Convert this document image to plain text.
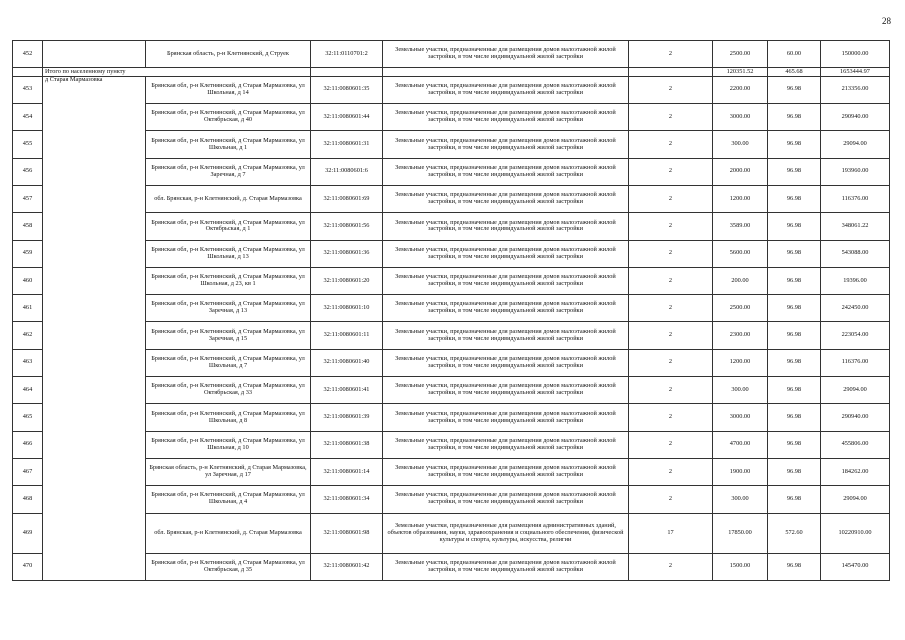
28
452		Брянская область, р-н Клетнянский, д Струек	32:11:0110701:2	Земельные участки, предназначенные для размещения домов малоэтажной жилой застройки, в том числе индивидуальной жилой застройки	2	2500.00	60.00	150000.00
	Итого по населенному пункту					120351.52	465.68	1653444.97
453	д Старая Мармазовка	Брянская обл, р-н Клетнянский, д Старая Мармазовка, ул Школьная, д 14	32:11:0080601:35	Земельные участки, предназначенные для размещения домов малоэтажной жилой застройки, в том числе индивидуальной жилой застройки	2	2200.00	96.98	213356.00
454		Брянская обл, р-н Клетнянский, д Старая Мармазовка, ул Октябрьская, д 40	32:11:0080601:44	Земельные участки, предназначенные для размещения домов малоэтажной жилой застройки, в том числе индивидуальной жилой застройки	2	3000.00	96.98	290940.00
455		Брянская обл, р-н Клетнянский, д Старая Мармазовка, ул Школьная, д 1	32:11:0080601:31	Земельные участки, предназначенные для размещения домов малоэтажной жилой застройки, в том числе индивидуальной жилой застройки	2	300.00	96.98	29094.00
456		Брянская обл, р-н Клетнянский, д Старая Мармазовка, ул Заречная, д 7	32:11:0080601:6	Земельные участки, предназначенные для размещения домов малоэтажной жилой застройки, в том числе индивидуальной жилой застройки	2	2000.00	96.98	193960.00
457		обл. Брянская, р-н Клетнянский, д. Старая Мармазовка	32:11:0080601:69	Земельные участки, предназначенные для размещения домов малоэтажной жилой застройки, в том числе индивидуальной жилой застройки	2	1200.00	96.98	116376.00
458		Брянская обл, р-н Клетнянский, д Старая Мармазовка, ул Октябрьская, д 1	32:11:0080601:56	Земельные участки, предназначенные для размещения домов малоэтажной жилой застройки, в том числе индивидуальной жилой застройки	2	3589.00	96.98	348061.22
459		Брянская обл, р-н Клетнянский, д Старая Мармазовка, ул Школьная, д 13	32:11:0080601:36	Земельные участки, предназначенные для размещения домов малоэтажной жилой застройки, в том числе индивидуальной жилой застройки	2	5600.00	96.98	543088.00
460		Брянская обл, р-н Клетнянский, д Старая Мармазовка, ул Школьная, д 23, кв 1	32:11:0080601:20	Земельные участки, предназначенные для размещения домов малоэтажной жилой застройки, в том числе индивидуальной жилой застройки	2	200.00	96.98	19396.00
461		Брянская обл, р-н Клетнянский, д Старая Мармазовка, ул Заречная, д 13	32:11:0080601:10	Земельные участки, предназначенные для размещения домов малоэтажной жилой застройки, в том числе индивидуальной жилой застройки	2	2500.00	96.98	242450.00
462		Брянская обл, р-н Клетнянский, д Старая Мармазовка, ул Заречная, д 15	32:11:0080601:11	Земельные участки, предназначенные для размещения домов малоэтажной жилой застройки, в том числе индивидуальной жилой застройки	2	2300.00	96.98	223054.00
463		Брянская обл, р-н Клетнянский, д Старая Мармазовка, ул Школьная, д 7	32:11:0080601:40	Земельные участки, предназначенные для размещения домов малоэтажной жилой застройки, в том числе индивидуальной жилой застройки	2	1200.00	96.98	116376.00
464		Брянская обл, р-н Клетнянский, д Старая Мармазовка, ул Октябрьская, д 33	32:11:0080601:41	Земельные участки, предназначенные для размещения домов малоэтажной жилой застройки, в том числе индивидуальной жилой застройки	2	300.00	96.98	29094.00
465		Брянская обл, р-н Клетнянский, д Старая Мармазовка, ул Школьная, д 8	32:11:0080601:39	Земельные участки, предназначенные для размещения домов малоэтажной жилой застройки, в том числе индивидуальной жилой застройки	2	3000.00	96.98	290940.00
466		Брянская обл, р-н Клетнянский, д Старая Мармазовка, ул Школьная, д 10	32:11:0080601:38	Земельные участки, предназначенные для размещения домов малоэтажной жилой застройки, в том числе индивидуальной жилой застройки	2	4700.00	96.98	455806.00
467		Брянская область, р-н Клетнянский, д Старая Мармазовка, ул Заречная, д 17	32:11:0080601:14	Земельные участки, предназначенные для размещения домов малоэтажной жилой застройки, в том числе индивидуальной жилой застройки	2	1900.00	96.98	184262.00
468		Брянская обл, р-н Клетнянский, д Старая Мармазовка, ул Школьная, д 4	32:11:0080601:34	Земельные участки, предназначенные для размещения домов малоэтажной жилой застройки, в том числе индивидуальной жилой застройки	2	300.00	96.98	29094.00
469		обл. Брянская, р-н Клетнянский, д. Старая Мармазовка	32:11:0080601:98	Земельные участки, предназначенные для размещения административных зданий, объектов образования, науки, здравоохранения и социального обеспечения, физической культуры и спорта, культуры, искусства, религии	17	17850.00	572.60	10220910.00
470		Брянская обл, р-н Клетнянский, д Старая Мармазовка, ул Октябрьская, д 35	32:11:0080601:42	Земельные участки, предназначенные для размещения домов малоэтажной жилой застройки, в том числе индивидуальной жилой застройки	2	1500.00	96.98	145470.00
